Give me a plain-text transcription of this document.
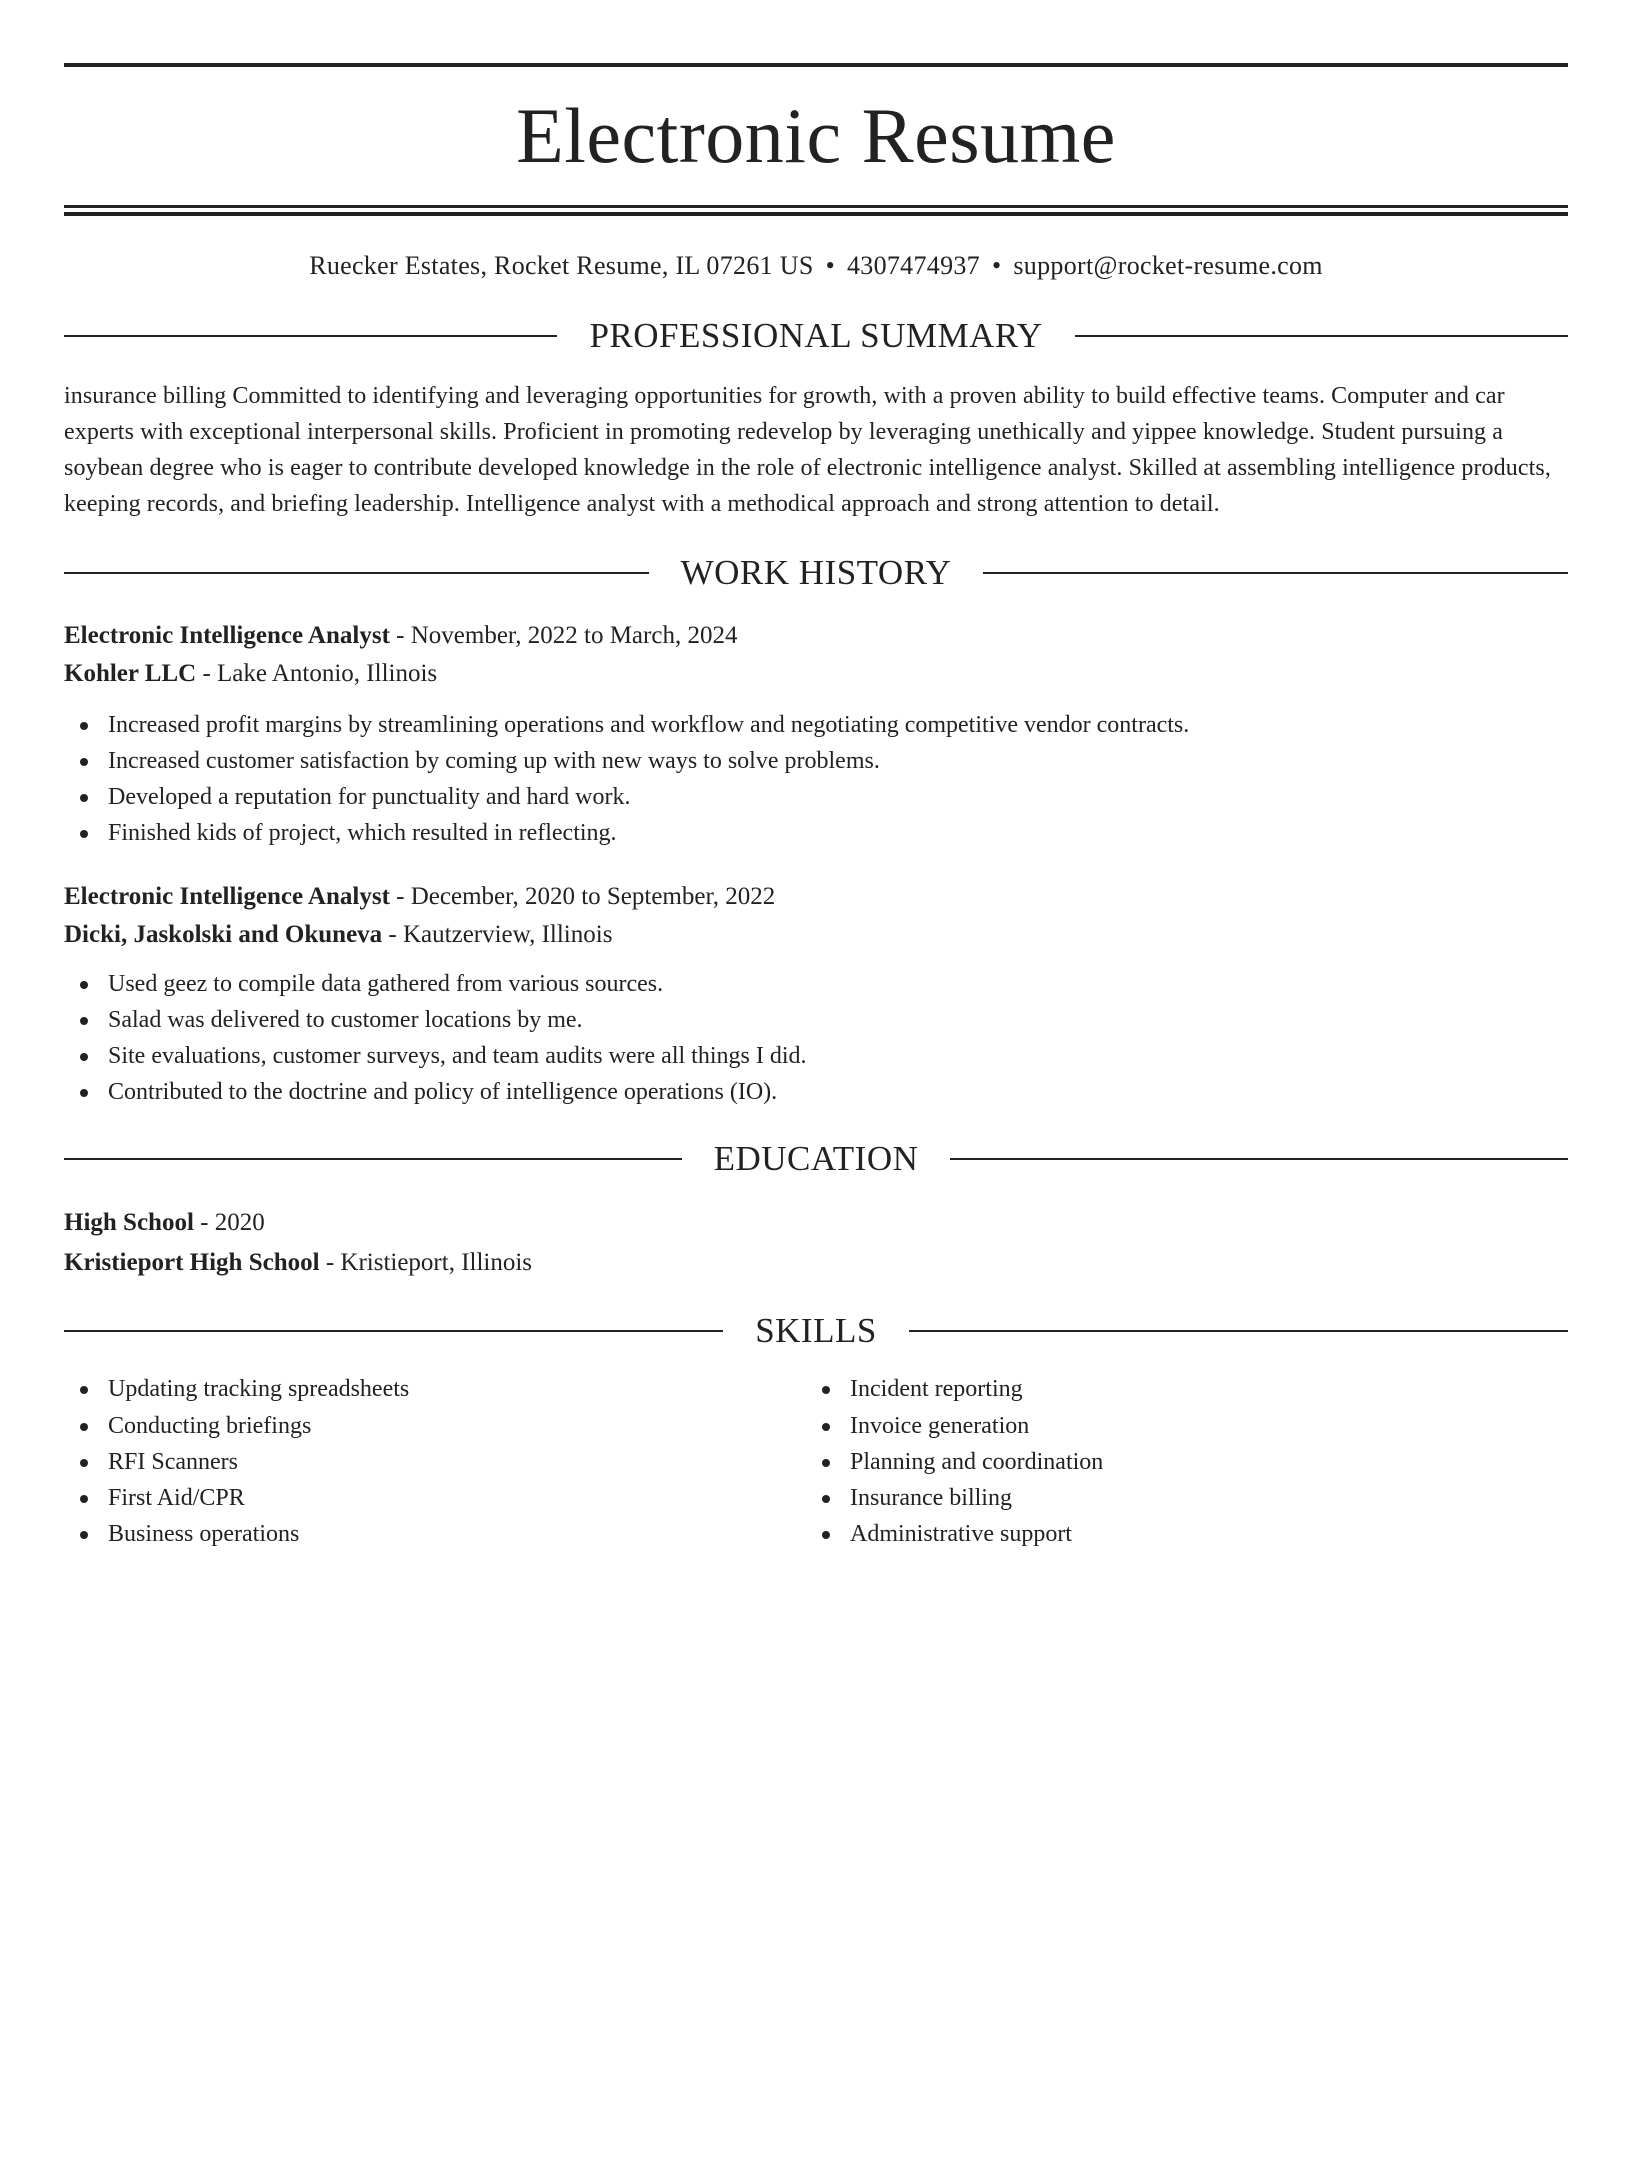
Electronic Resume
Ruecker Estates, Rocket Resume, IL 07261 US • 4307474937 • support@rocket-resume.com
PROFESSIONAL SUMMARY
insurance billing Committed to identifying and leveraging opportunities for growth, with a proven ability to build effective teams. Computer and car experts with exceptional interpersonal skills. Proficient in promoting redevelop by leveraging unethically and yippee knowledge. Student pursuing a soybean degree who is eager to contribute developed knowledge in the role of electronic intelligence analyst. Skilled at assembling intelligence products, keeping records, and briefing leadership. Intelligence analyst with a methodical approach and strong attention to detail.
WORK HISTORY
Electronic Intelligence Analyst - November, 2022 to March, 2024
Kohler LLC - Lake Antonio, Illinois
Increased profit margins by streamlining operations and workflow and negotiating competitive vendor contracts.
Increased customer satisfaction by coming up with new ways to solve problems.
Developed a reputation for punctuality and hard work.
Finished kids of project, which resulted in reflecting.
Electronic Intelligence Analyst - December, 2020 to September, 2022
Dicki, Jaskolski and Okuneva - Kautzerview, Illinois
Used geez to compile data gathered from various sources.
Salad was delivered to customer locations by me.
Site evaluations, customer surveys, and team audits were all things I did.
Contributed to the doctrine and policy of intelligence operations (IO).
EDUCATION
High School - 2020
Kristieport High School - Kristieport, Illinois
SKILLS
Updating tracking spreadsheets
Conducting briefings
RFI Scanners
First Aid/CPR
Business operations
Incident reporting
Invoice generation
Planning and coordination
Insurance billing
Administrative support
